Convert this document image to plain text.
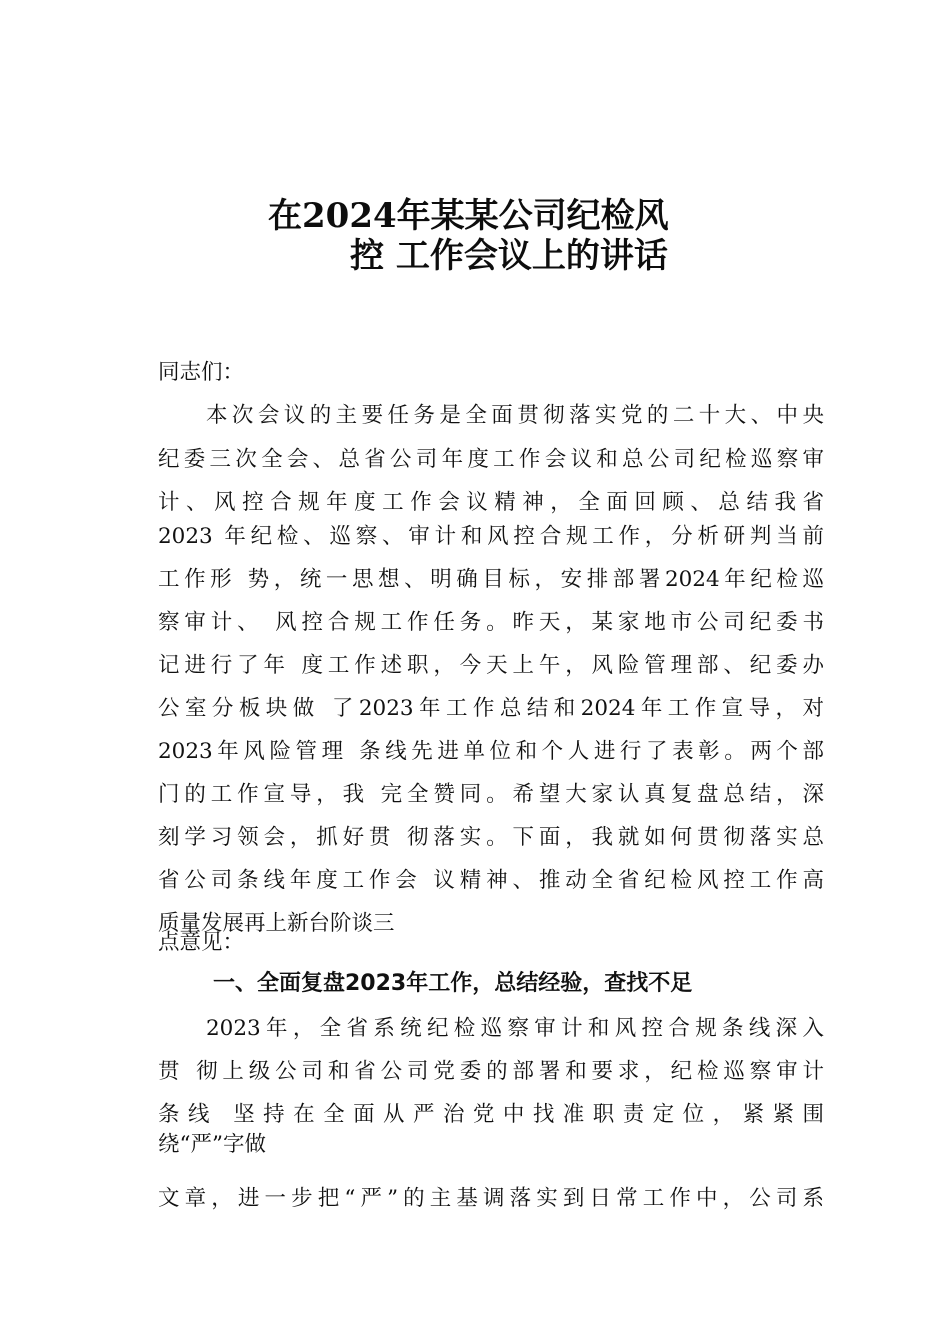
在2024年某某公司纪检风
控 工作会议上的讲话
同志们：
本次会议的主要任务是全面贯彻落实党的二十大、中央
纪委三次全会、总省公司年度工作会议和总公司纪检巡察审
计、风控合规年度工作会议精神，全面回顾、总结我省
2023 年纪检、巡察、审计和风控合规工作，分析研判当前
工作形 势，统一思想、明确目标，安排部署2024年纪检巡
察审计、 风控合规工作任务。昨天，某家地市公司纪委书
记进行了年 度工作述职，今天上午，风险管理部、纪委办
公室分板块做 了2023年工作总结和2024年工作宣导，对
2023年风险管理 条线先进单位和个人进行了表彰。两个部
门的工作宣导，我 完全赞同。希望大家认真复盘总结，深
刻学习领会，抓好贯 彻落实。下面，我就如何贯彻落实总
省公司条线年度工作会 议精神、推动全省纪检风控工作高
质量发展再上新台阶谈三
点意见：
一、全面复盘2023年工作，总结经验，查找不足
2023年，全省系统纪检巡察审计和风控合规条线深入
贯 彻上级公司和省公司党委的部署和要求，纪检巡察审计
条线 坚持在全面从严治党中找准职责定位，紧紧围
绕“严”字做
文章，进一步把“严”的主基调落实到日常工作中，公司系
